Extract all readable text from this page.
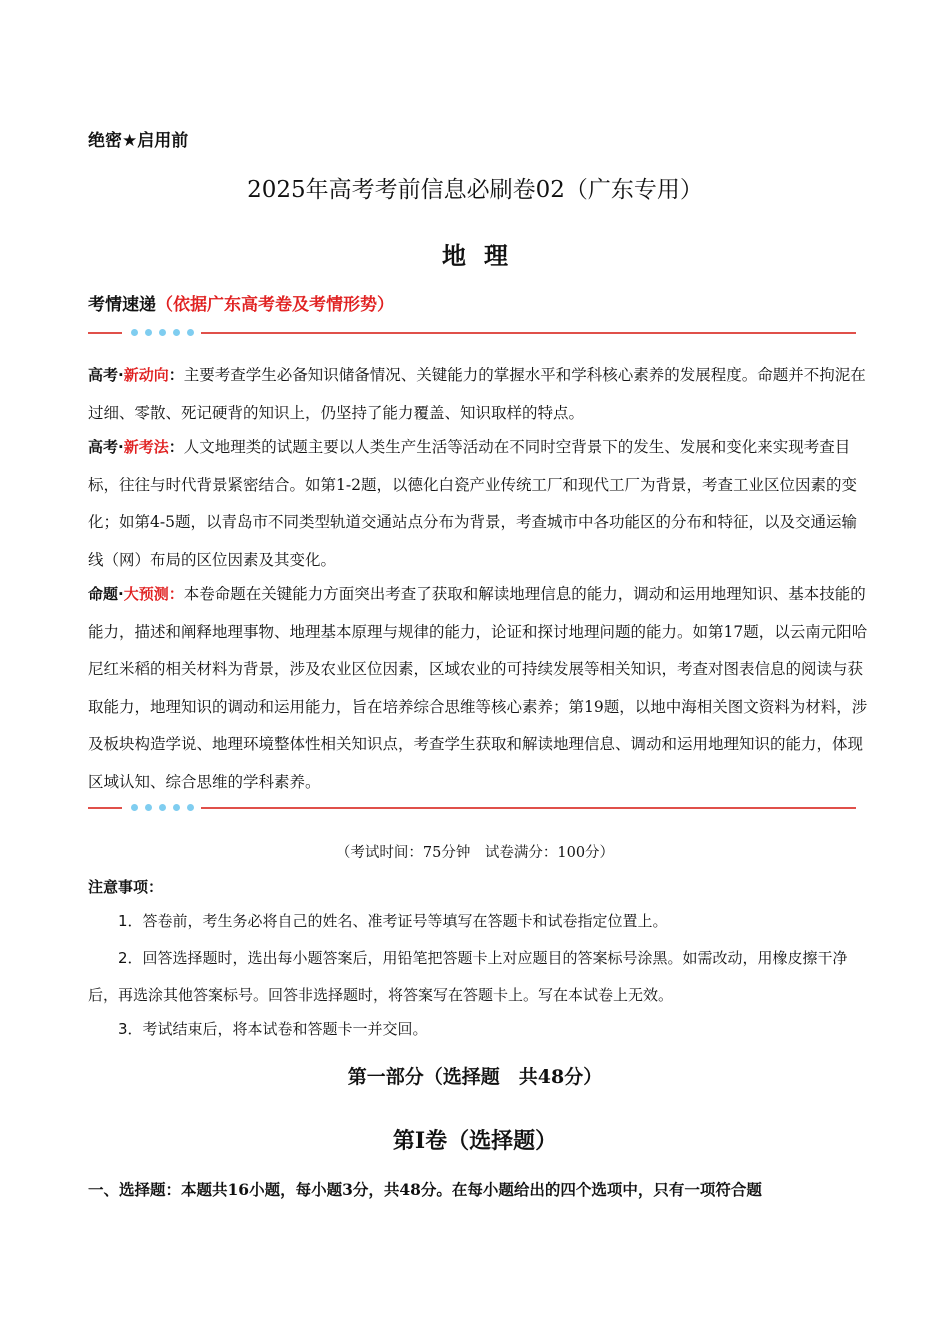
绝密★启用前
2025年高考考前信息必刷卷02（广东专用）
地理
考情速递（依据广东高考卷及考情形势）
高考·新动向：主要考查学生必备知识储备情况、关键能力的掌握水平和学科核心素养的发展程度。命题并不拘泥在过细、零散、死记硬背的知识上，仍坚持了能力覆盖、知识取样的特点。
高考·新考法：人文地理类的试题主要以人类生产生活等活动在不同时空背景下的发生、发展和变化来实现考查目标，往往与时代背景紧密结合。如第1-2题，以德化白瓷产业传统工厂和现代工厂为背景，考查工业区位因素的变化；如第4-5题，以青岛市不同类型轨道交通站点分布为背景，考查城市中各功能区的分布和特征，以及交通运输线（网）布局的区位因素及其变化。
命题·大预测：本卷命题在关键能力方面突出考查了获取和解读地理信息的能力，调动和运用地理知识、基本技能的能力，描述和阐释地理事物、地理基本原理与规律的能力，论证和探讨地理问题的能力。如第17题，以云南元阳哈尼红米稻的相关材料为背景，涉及农业区位因素，区域农业的可持续发展等相关知识，考查对图表信息的阅读与获取能力，地理知识的调动和运用能力，旨在培养综合思维等核心素养；第19题，以地中海相关图文资料为材料，涉及板块构造学说、地理环境整体性相关知识点，考查学生获取和解读地理信息、调动和运用地理知识的能力，体现区域认知、综合思维的学科素养。
（考试时间：75分钟　试卷满分：100分）
注意事项：
1．答卷前，考生务必将自己的姓名、准考证号等填写在答题卡和试卷指定位置上。
2．回答选择题时，选出每小题答案后，用铅笔把答题卡上对应题目的答案标号涂黑。如需改动，用橡皮擦干净后，再选涂其他答案标号。回答非选择题时，将答案写在答题卡上。写在本试卷上无效。
3．考试结束后，将本试卷和答题卡一并交回。
第一部分（选择题　共48分）
第Ⅰ卷（选择题）
一、选择题：本题共16小题，每小题3分，共48分。在每小题给出的四个选项中，只有一项符合题
